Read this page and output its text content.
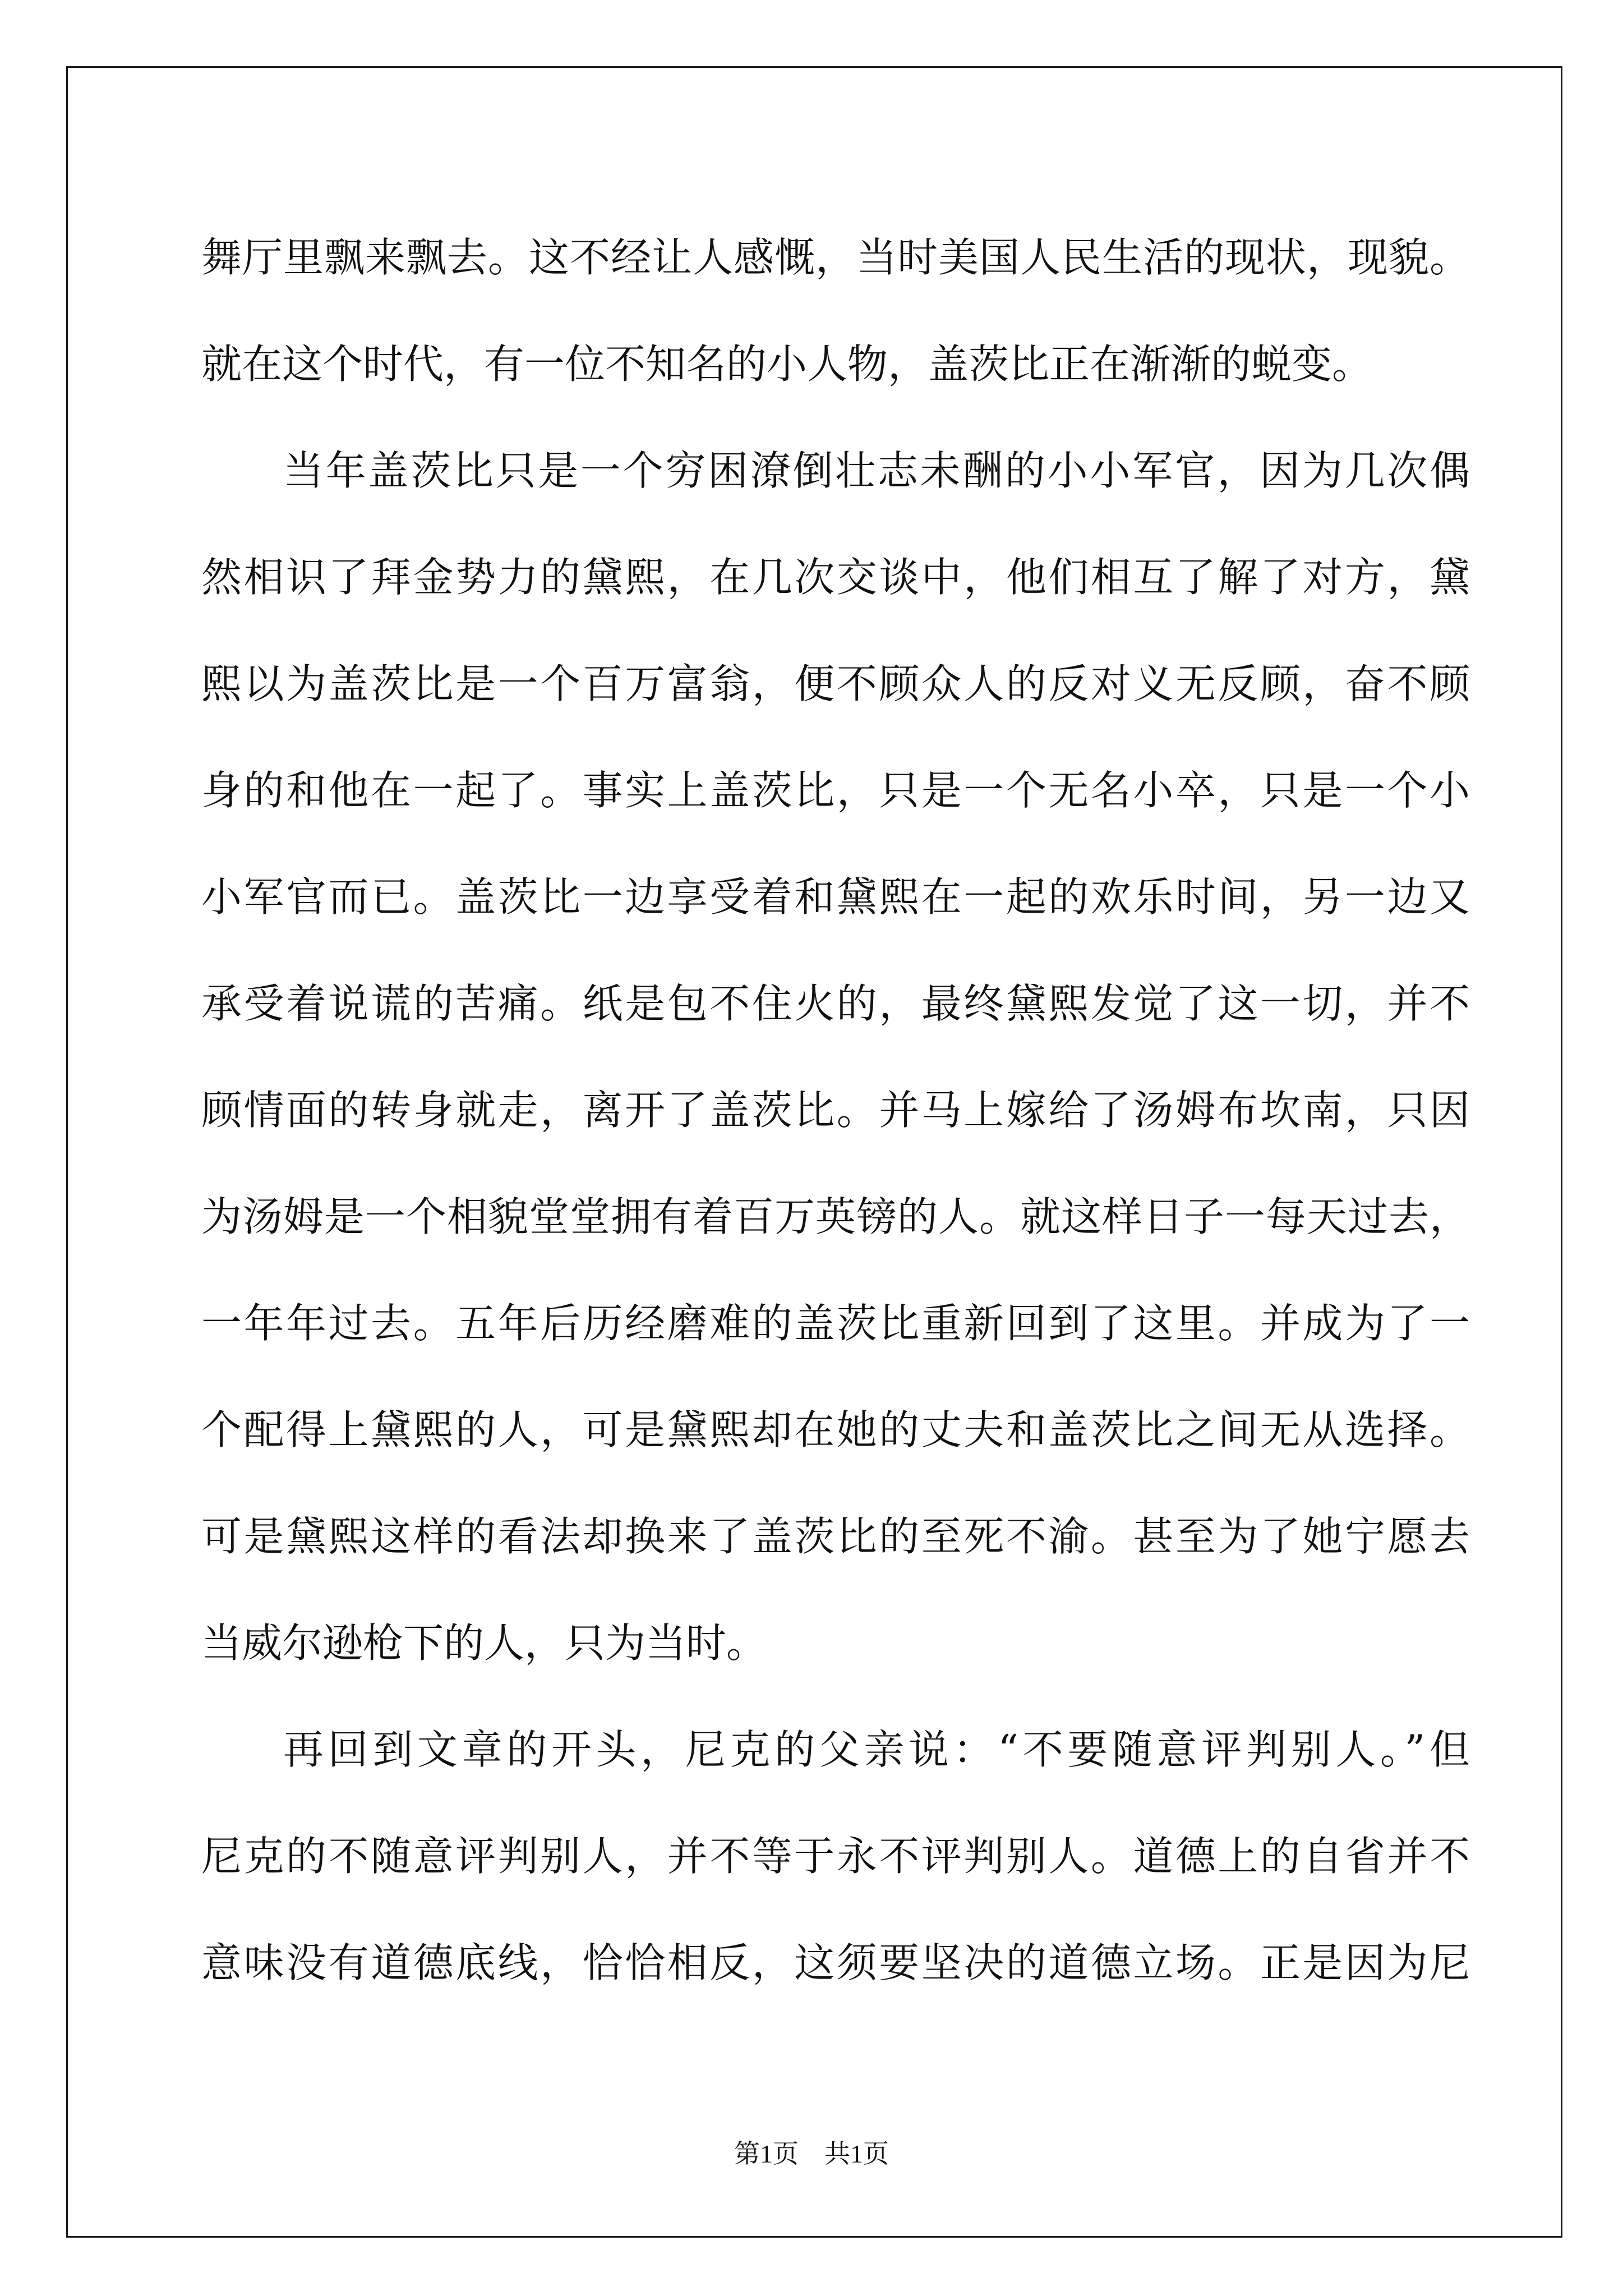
舞厅里飘来飘去。这不经让人感慨，当时美国人民生活的现状，现貌。
就在这个时代，有一位不知名的小人物，盖茨比正在渐渐的蜕变。
当年盖茨比只是一个穷困潦倒壮志未酬的小小军官，因为几次偶
然相识了拜金势力的黛熙，在几次交谈中，他们相互了解了对方，黛
熙以为盖茨比是一个百万富翁，便不顾众人的反对义无反顾，奋不顾
身的和他在一起了。事实上盖茨比，只是一个无名小卒，只是一个小
小军官而已。盖茨比一边享受着和黛熙在一起的欢乐时间，另一边又
承受着说谎的苦痛。纸是包不住火的，最终黛熙发觉了这一切，并不
顾情面的转身就走，离开了盖茨比。并马上嫁给了汤姆布坎南，只因
为汤姆是一个相貌堂堂拥有着百万英镑的人。就这样日子一每天过去，
一年年过去。五年后历经磨难的盖茨比重新回到了这里。并成为了一
个配得上黛熙的人，可是黛熙却在她的丈夫和盖茨比之间无从选择。
可是黛熙这样的看法却换来了盖茨比的至死不渝。甚至为了她宁愿去
当威尔逊枪下的人，只为当时。
再回到文章的开头，尼克的父亲说：“不要随意评判别人。”但
尼克的不随意评判别人，并不等于永不评判别人。道德上的自省并不
意味没有道德底线，恰恰相反，这须要坚决的道德立场。正是因为尼
第1页　共1页
